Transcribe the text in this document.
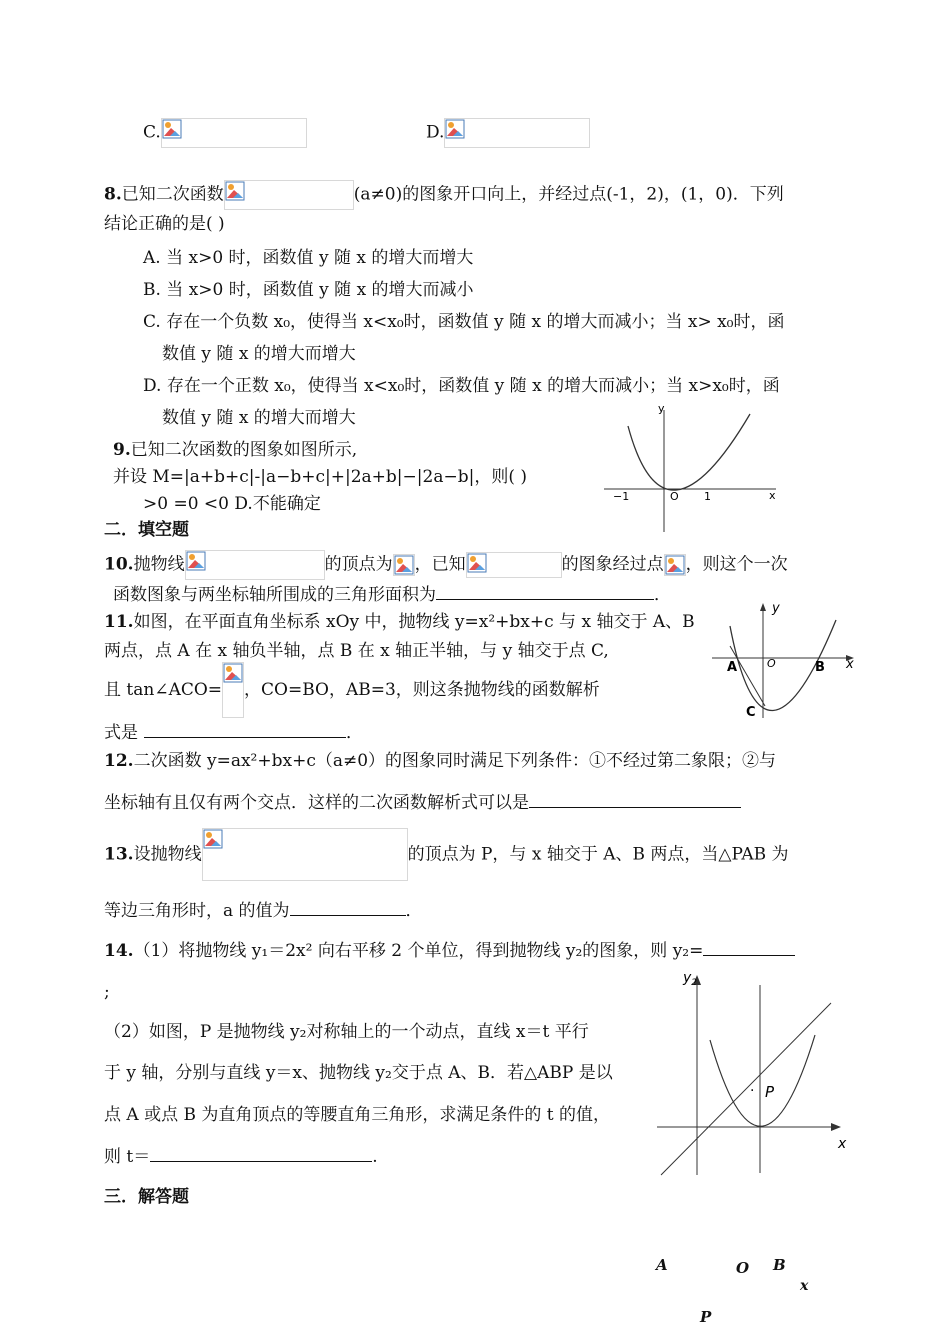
C.	D.
8.已知二次函数	(a≠0)的图象开口向上，并经过点(-1，2)，(1，0)．下列
结论正确的是( )
A. 当 x>0 时，函数值 y 随 x 的增大而增大
B. 当 x>0 时，函数值 y 随 x 的增大而减小
C. 存在一个负数 x₀，使得当 x<x₀时，函数值 y 随 x 的增大而减小；当 x> x₀时，函
数值 y 随 x 的增大而增大
D. 存在一个正数 x₀，使得当 x<x₀时，函数值 y 随 x 的增大而减小；当 x>x₀时，函
数值 y 随 x 的增大而增大
9.已知二次函数的图象如图所示,
并设 M=|a+b+c|-|a−b+c|+|2a+b|−|2a−b|，则( )
>0 =0 <0 D.不能确定
y
x
O
−1	1
二．填空题
10.抛物线	的顶点为 ，已知	的图象经过点 ，则这个一次
函数图象与两坐标轴所围成的三角形面积为	．
11.如图，在平面直角坐标系 xOy 中，抛物线 y=x²+bx+c 与 x 轴交于 A、B
两点，点 A 在 x 轴负半轴，点 B 在 x 轴正半轴，与 y 轴交于点 C,
且 tan∠ACO= ，CO=BO，AB=3，则这条抛物线的函数解析
式是	．
y
x
A	O	B
C
12.二次函数 y=ax²+bx+c（a≠0）的图象同时满足下列条件：①不经过第二象限；②与
坐标轴有且仅有两个交点．这样的二次函数解析式可以是
13.设抛物线	的顶点为 P，与 x 轴交于 A、B 两点，当△PAB 为
等边三角形时，a 的值为	．
14.（1）将抛物线 y₁＝2x² 向右平移 2 个单位，得到抛物线 y₂的图象，则 y₂=
;
（2）如图，P 是抛物线 y₂对称轴上的一个动点，直线 x＝t 平行
于 y 轴，分别与直线 y＝x、抛物线 y₂交于点 A、B．若△ABP 是以
点 A 或点 B 为直角顶点的等腰直角三角形，求满足条件的 t 的值，
则 t＝	.
$y_2$
x
· P
三．解答题
A	O B
x
P
